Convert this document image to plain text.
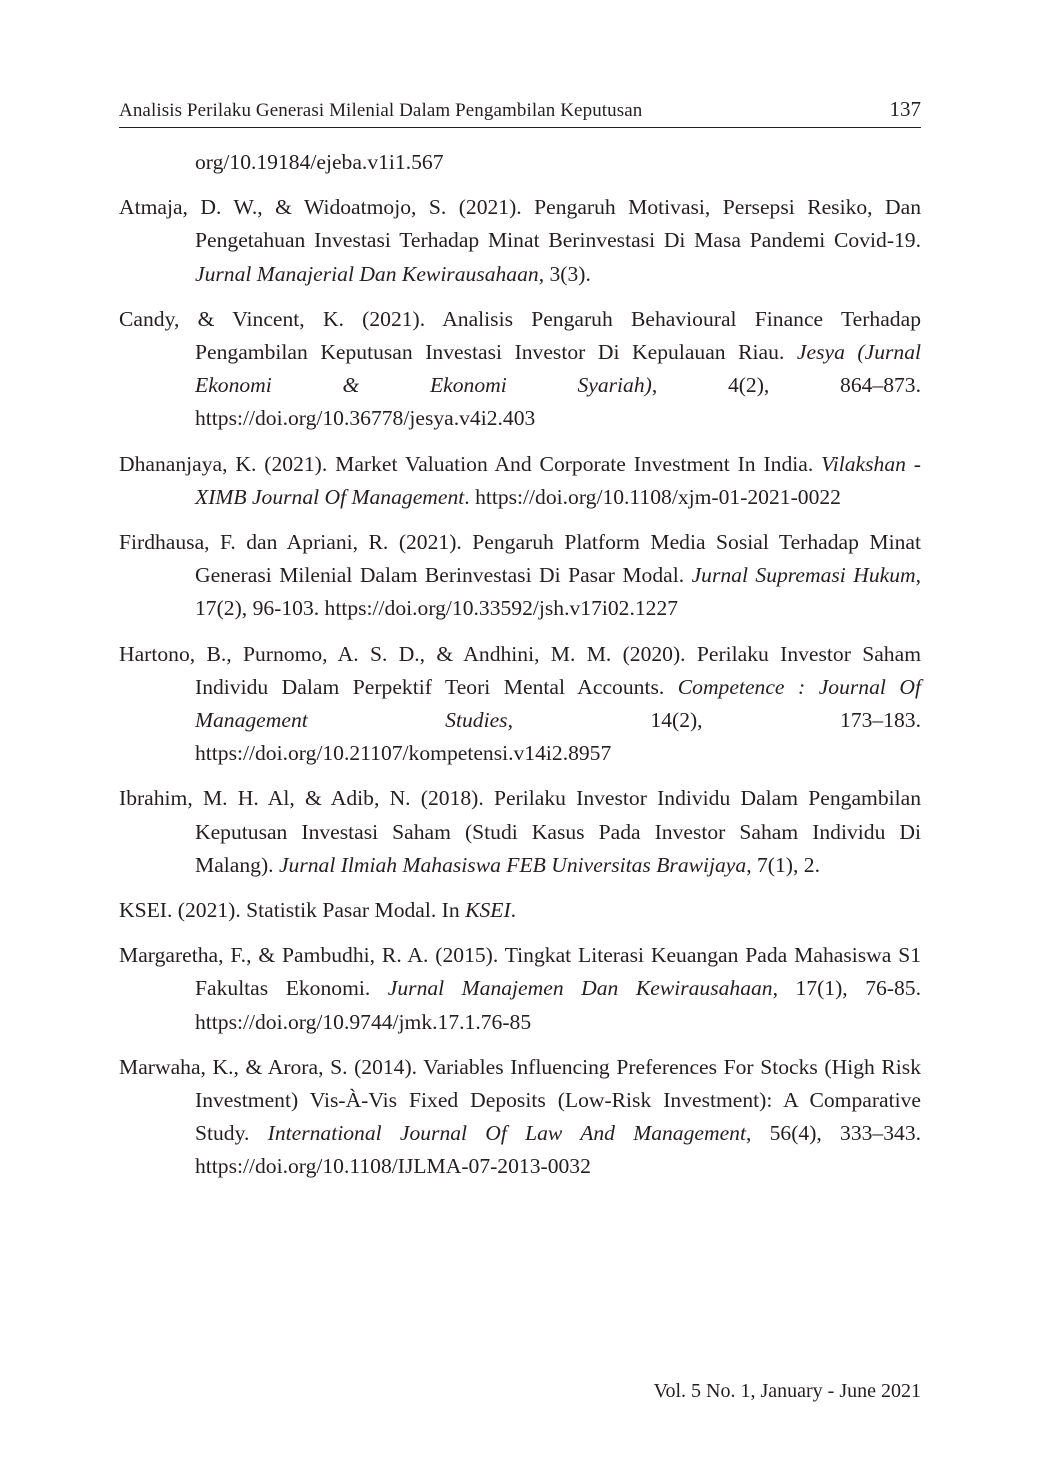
Analisis Perilaku Generasi Milenial Dalam Pengambilan Keputusan	137

org/10.19184/ejeba.v1i1.567

Atmaja, D. W., & Widoatmojo, S. (2021). Pengaruh Motivasi, Persepsi Resiko, Dan Pengetahuan Investasi Terhadap Minat Berinvestasi Di Masa Pandemi Covid-19. Jurnal Manajerial Dan Kewirausahaan, 3(3).

Candy, & Vincent, K. (2021). Analisis Pengaruh Behavioural Finance Terhadap Pengambilan Keputusan Investasi Investor Di Kepulauan Riau. Jesya (Jurnal Ekonomi & Ekonomi Syariah), 4(2), 864–873. https://doi.org/10.36778/jesya.v4i2.403

Dhananjaya, K. (2021). Market Valuation And Corporate Investment In India. Vilakshan - XIMB Journal Of Management. https://doi.org/10.1108/xjm-01-2021-0022

Firdhausa, F. dan Apriani, R. (2021). Pengaruh Platform Media Sosial Terhadap Minat Generasi Milenial Dalam Berinvestasi Di Pasar Modal. Jurnal Supremasi Hukum, 17(2), 96-103. https://doi.org/10.33592/jsh.v17i02.1227

Hartono, B., Purnomo, A. S. D., & Andhini, M. M. (2020). Perilaku Investor Saham Individu Dalam Perpektif Teori Mental Accounts. Competence : Journal Of Management Studies, 14(2), 173–183. https://doi.org/10.21107/kompetensi.v14i2.8957

Ibrahim, M. H. Al, & Adib, N. (2018). Perilaku Investor Individu Dalam Pengambilan Keputusan Investasi Saham (Studi Kasus Pada Investor Saham Individu Di Malang). Jurnal Ilmiah Mahasiswa FEB Universitas Brawijaya, 7(1), 2.

KSEI. (2021). Statistik Pasar Modal. In KSEI.

Margaretha, F., & Pambudhi, R. A. (2015). Tingkat Literasi Keuangan Pada Mahasiswa S1 Fakultas Ekonomi. Jurnal Manajemen Dan Kewirausahaan, 17(1), 76-85. https://doi.org/10.9744/jmk.17.1.76-85

Marwaha, K., & Arora, S. (2014). Variables Influencing Preferences For Stocks (High Risk Investment) Vis-À-Vis Fixed Deposits (Low-Risk Investment): A Comparative Study. International Journal Of Law And Management, 56(4), 333–343. https://doi.org/10.1108/IJLMA-07-2013-0032

Vol. 5 No. 1, January - June 2021
